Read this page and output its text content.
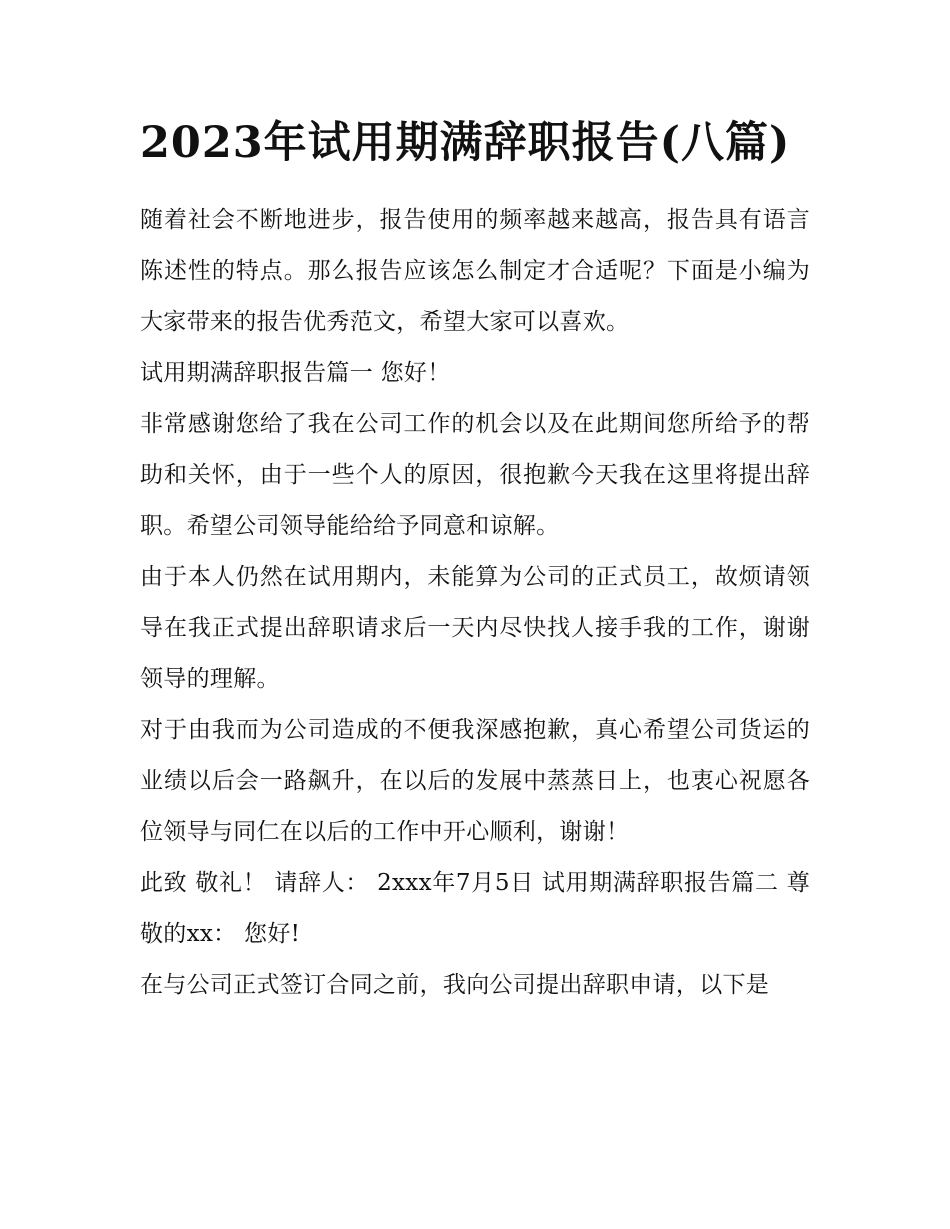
2023年试用期满辞职报告(八篇)

随着社会不断地进步，报告使用的频率越来越高，报告具有语言陈述性的特点。那么报告应该怎么制定才合适呢？下面是小编为大家带来的报告优秀范文，希望大家可以喜欢。

试用期满辞职报告篇一 您好！

非常感谢您给了我在公司工作的机会以及在此期间您所给予的帮助和关怀，由于一些个人的原因，很抱歉今天我在这里将提出辞职。希望公司领导能给给予同意和谅解。

由于本人仍然在试用期内，未能算为公司的正式员工，故烦请领导在我正式提出辞职请求后一天内尽快找人接手我的工作，谢谢领导的理解。

对于由我而为公司造成的不便我深感抱歉，真心希望公司货运的业绩以后会一路飙升，在以后的发展中蒸蒸日上，也衷心祝愿各位领导与同仁在以后的工作中开心顺利，谢谢！

此致 敬礼！ 请辞人： 2xxx年7月5日 试用期满辞职报告篇二 尊敬的xx： 您好!

在与公司正式签订合同之前，我向公司提出辞职申请，以下是
